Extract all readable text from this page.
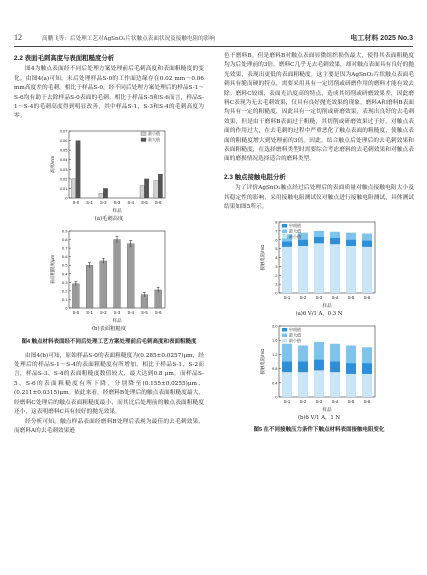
12	高鹏飞等：后处理工艺对AgSnO₂片状触点表面状况及接触电阻的影响	电工材料 2025 No.3
2.2 表面毛刺高度与表面粗糙度分析

图4为触点表面经不同后处理方案处理前后毛刺高度和表面粗糙度的变化。由图4(a)可知，未后处理样品S-0的工作面边缘存在0.02 mm～0.06 mm高度差的毛刺。相比于样品S-0，经不同后处理方案处理后的样品S-1～S-6均有助于去除样品S-0表面的毛刺。相比于样品S-5和S-6而言，样品S-1～S-4的毛刺高度得到明显改善，其中样品S-1、S-3和S-4的毛刺高度为零。

0
0.01
0.02
0.03
0.04
0.05
0.06
0.07
样品
高度/mm
S-0 S-1 S-2 S-3 S-4 S-5 S-6
最小值
最大值
(a)毛刺高度
0
0.1
0.2
0.3
0.4
0.5
0.6
0.7
0.8
0.9
样品
表面粗糙度/μm
S-0 S-1 S-2 S-3 S-4 S-5 S-6
(b)表面粗糙度
图4 触点材料表面经不同后处理工艺方案处理前后毛刺高度和表面粗糙度

由图4(b)可知，原始样品S-0的表面粗糙度为(0.285±0.0257)μm，经处理后的样品S-1～S-4的表面粗糙度有所增加。相比于样品S-1、S-2而言，样品S-3、S-4的表面粗糙度数值较大，最大达到0.8 μm。而样品S-5、S-6的表面粗糙度有所下降，分别降至(0.155±0.0255)μm、(0.211±0.0315)μm。依此来看，经磨料B处理后的触点表面粗糙度最大，经磨料C处理后的触点表面粗糙度最小，而其比后处理前的触点表面粗糙度还小，这表明磨料C具有较好的抛光效果。

经分析可知，触点样品表面经磨料B处理后表现为最佳的去毛刺效果，而磨料A的去毛刺效果逊

色于磨料B。但是磨料B对触点表面显微组织损伤最大，使得其表面粗糙度均为后处理前的3倍。磨料C几乎无去毛刺效果，却对触点表面具有良好的抛光效果，表现出更低的表面粗糙度。这主要是因为AgSnO₂片状触点表面毛刺具有脆而硬的特点，需要采用具有一定切削或研磨作用的磨料才能有效去除；磨料C较细，表面光洁度高的特点，造成其切削或研磨效果差，因此磨料C表现为无去毛刺效果，仅具有良好抛光效果的现象。磨料A和磨料B表面均具有一定的粗糙度，因此具有一定切削或研磨效果，表现出良好的去毛刺效果，但是由于磨料B表面过于粗糙，其切削或研磨效果过于好，对触点表面的作用过大，在去毛刺的过程中严重恶化了触点表面的粗糙度，使触点表面的粗糙度增大到处理前的3倍。因此，结合触点后处理后的去毛刺效果和表面粗糙度，在选择磨料类型时需要综合考虑磨料的去毛刺效果和对触点表面的磨损情况选择适合的磨料类型。

2.3 触点接触电阻分析

为了评价AgSnO₂触点经过后处理后的表面质量对触点接触电阻大小及其稳定性的影响，采用接触电阻测试仪对触点进行接触电阻测试，具体测试结果如图5所示。

0
1
2
3
4
5
6
7
8
样品
接触电阻/mΩ
S-1 S-2 S-3 S-4 S-5 S-6
中间值
最大值
最小值
(a)6 V/1 A，0.3 N
0
0.4
0.8
1.2
1.6
2.0
样品
接触电阻/mΩ
S-1 S-2 S-3 S-4 S-5 S-6
中间值
最大值
最小值
(b)6 V/1 A，1 N
图5 在不同接触压力条件下触点材料表面接触电阻变化
